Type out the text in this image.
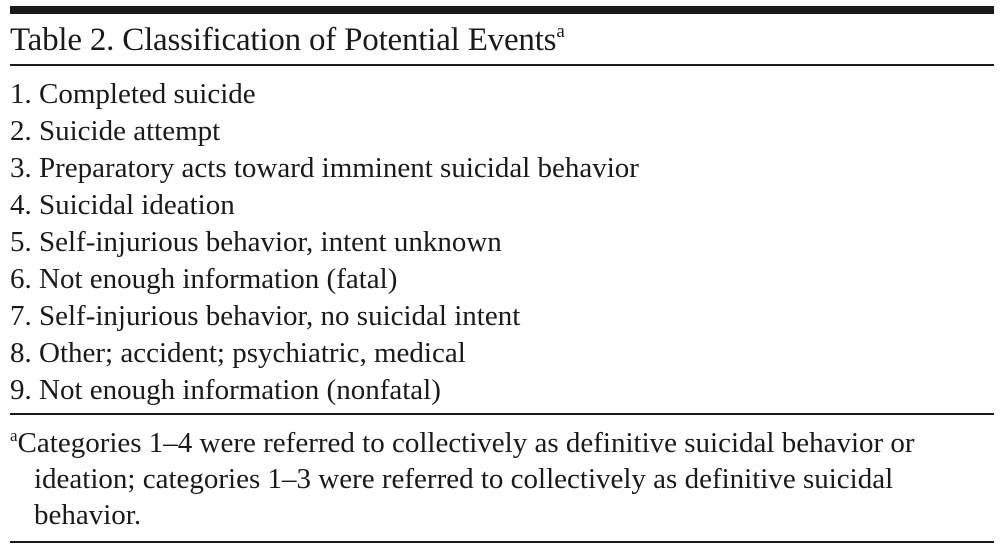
Table 2. Classification of Potential Events$^a$
1. Completed suicide
2. Suicide attempt
3. Preparatory acts toward imminent suicidal behavior
4. Suicidal ideation
5. Self-injurious behavior, intent unknown
6. Not enough information (fatal)
7. Self-injurious behavior, no suicidal intent
8. Other; accident; psychiatric, medical
9. Not enough information (nonfatal)
$^a$Categories 1–4 were referred to collectively as definitive suicidal behavior or ideation; categories 1–3 were referred to collectively as definitive suicidal behavior.
